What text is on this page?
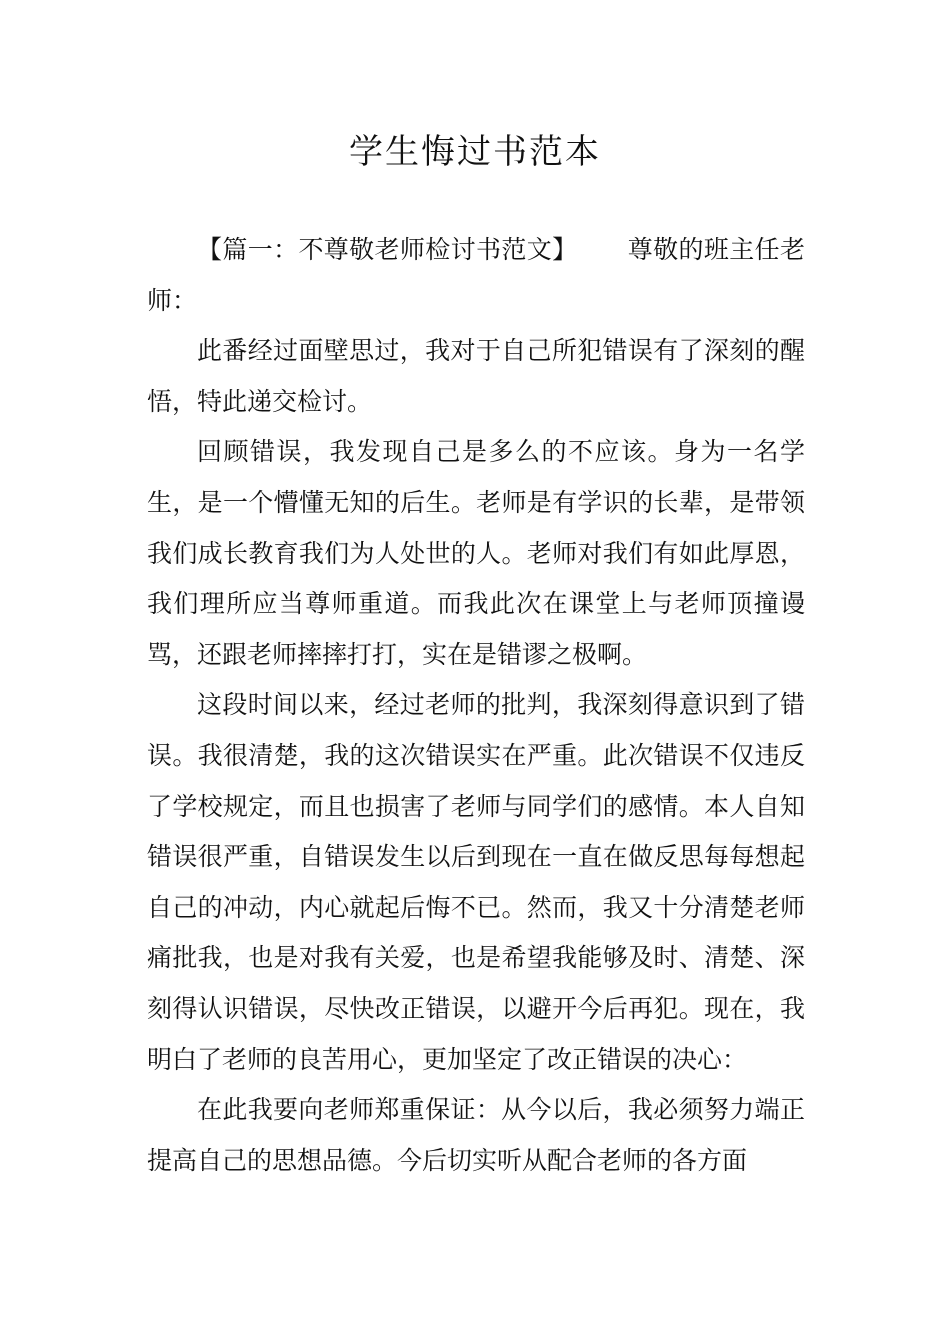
学生悔过书范本

【篇一：不尊敬老师检讨书范文】 尊敬的班主任老师：

此番经过面壁思过，我对于自己所犯错误有了深刻的醒悟，特此递交检讨。

回顾错误，我发现自己是多么的不应该。身为一名学生，是一个懵懂无知的后生。老师是有学识的长辈，是带领我们成长教育我们为人处世的人。老师对我们有如此厚恩，我们理所应当尊师重道。而我此次在课堂上与老师顶撞谩骂，还跟老师摔摔打打，实在是错谬之极啊。

这段时间以来，经过老师的批判，我深刻得意识到了错误。我很清楚，我的这次错误实在严重。此次错误不仅违反了学校规定，而且也损害了老师与同学们的感情。本人自知错误很严重，自错误发生以后到现在一直在做反思每每想起自己的冲动，内心就起后悔不已。然而，我又十分清楚老师痛批我，也是对我有关爱，也是希望我能够及时、清楚、深刻得认识错误，尽快改正错误，以避开今后再犯。现在，我明白了老师的良苦用心，更加坚定了改正错误的决心：

在此我要向老师郑重保证：从今以后，我必须努力端正提高自己的思想品德。今后切实听从配合老师的各方面
